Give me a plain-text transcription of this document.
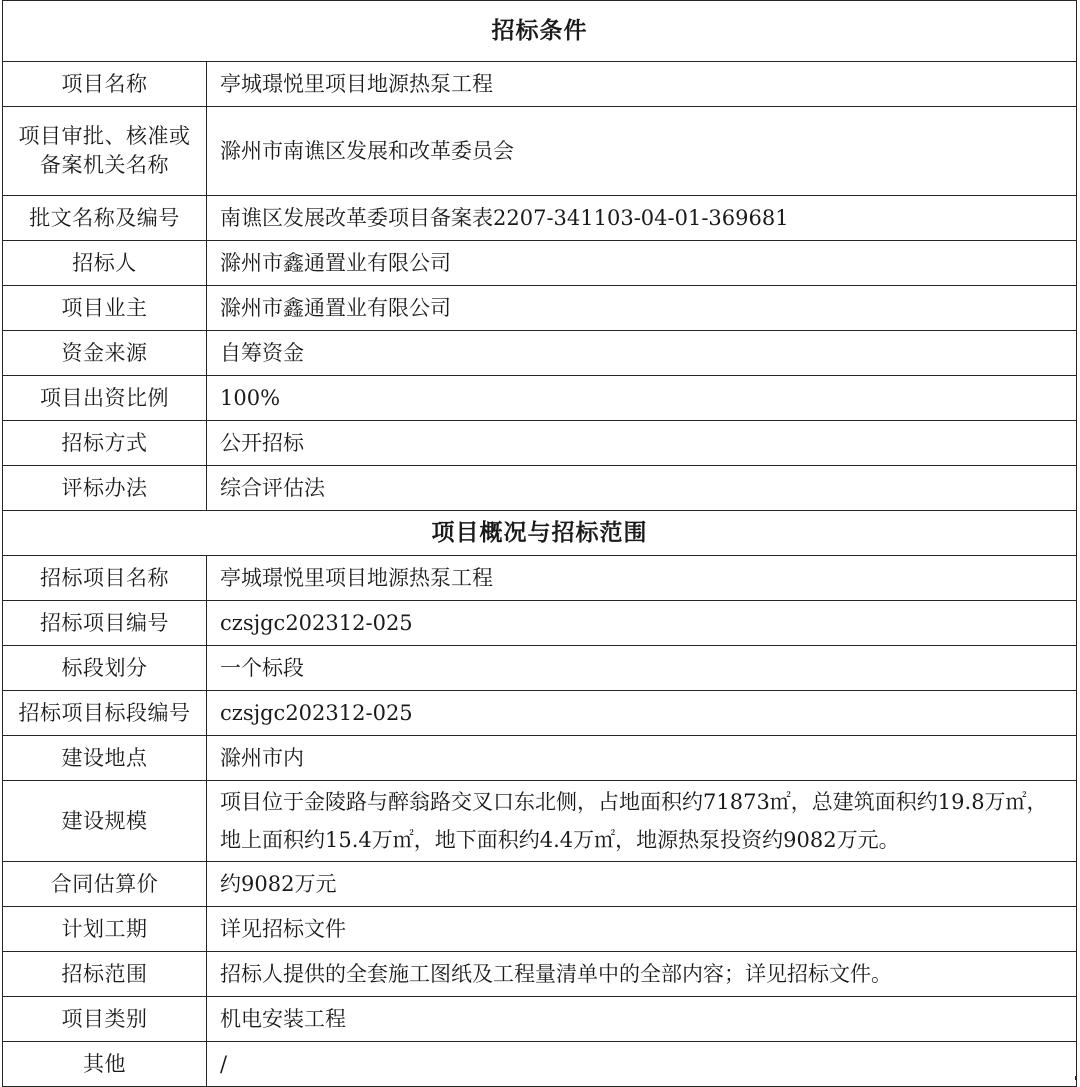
招标条件	
项目名称	亭城璟悦里项目地源热泵工程

项目审批、核准或
备案机关名称	滁州市南谯区发展和改革委员会
批文名称及编号	南谯区发展改革委项目备案表2207-341103-04-01-369681
招标人	滁州市鑫通置业有限公司
项目业主	滁州市鑫通置业有限公司
资金来源	自筹资金
项目出资比例	100%
招标方式	公开招标
评标办法	综合评估法
项目概况与招标范围	
招标项目名称	亭城璟悦里项目地源热泵工程
招标项目编号	czsjgc202312-025
标段划分	一个标段
招标项目标段编号	czsjgc202312-025
建设地点	滁州市内
建设规模	项目位于金陵路与醉翁路交叉口东北侧，占地面积约71873㎡，总建筑面积约19.8万㎡，
地上面积约15.4万㎡，地下面积约4.4万㎡，地源热泵投资约9082万元。

合同估算价	约9082万元
计划工期	详见招标文件
招标范围	招标人提供的全套施工图纸及工程量清单中的全部内容；详见招标文件。
项目类别	机电安装工程
其他	/
